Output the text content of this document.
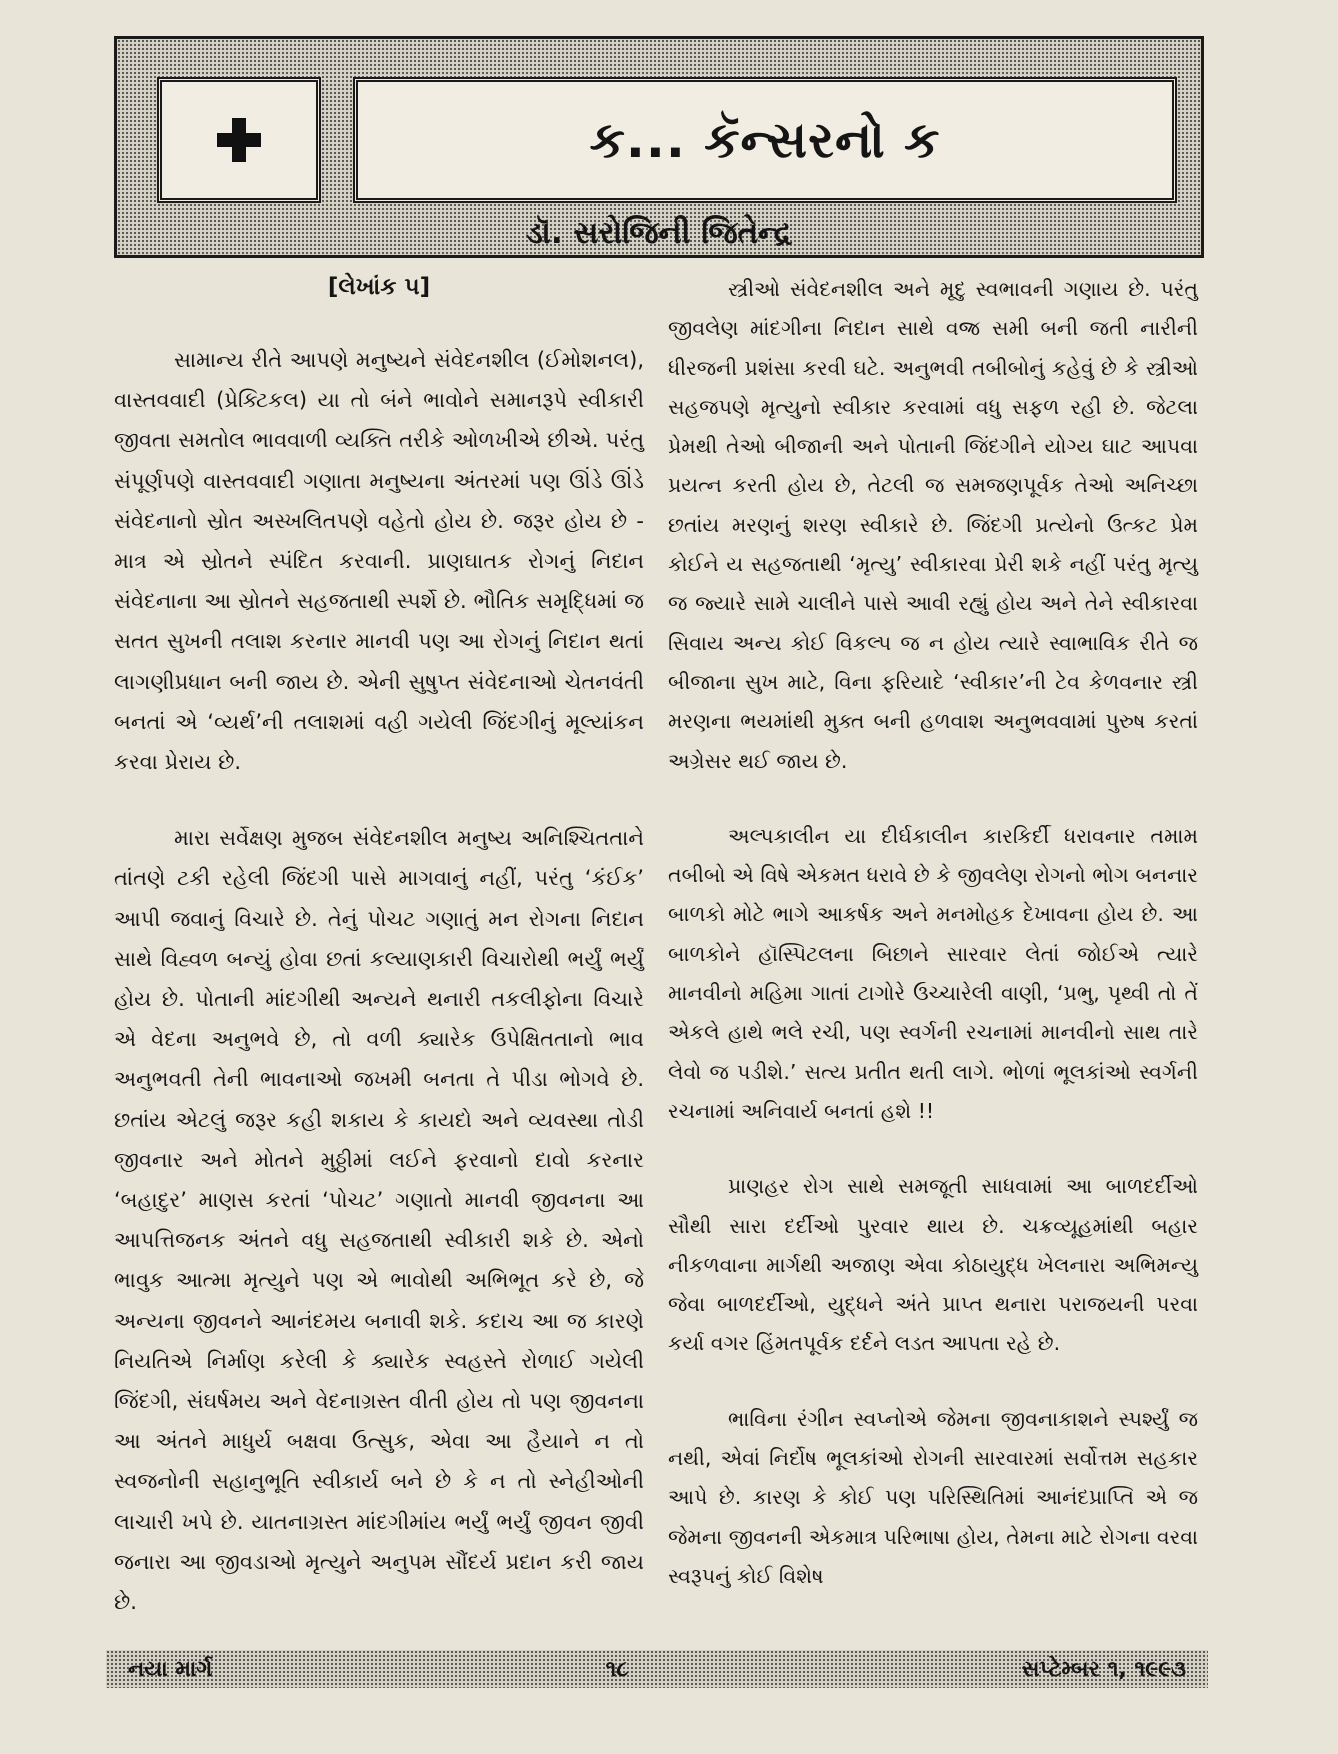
ક... કૅન્સરનો ક
ડૉ. સરોજિની જિતેન્દ્ર

[લેખાંક ૫]

સામાન્ય રીતે આપણે મનુષ્યને સંવેદનશીલ (ઈમોશનલ), વાસ્તવવાદી (પ્રેક્ટિકલ) યા તો બંને ભાવોને સમાનરૂપે સ્વીકારી જીવતા સમતોલ ભાવવાળી વ્યક્તિ તરીકે ઓળખીએ છીએ. પરંતુ સંપૂર્ણપણે વાસ્તવવાદી ગણાતા મનુષ્યના અંતરમાં પણ ઊંડે ઊંડે સંવેદનાનો સ્રોત અસ્ખલિતપણે વહેતો હોય છે. જરૂર હોય છે - માત્ર એ સ્રોતને સ્પંદિત કરવાની. પ્રાણઘાતક રોગનું નિદાન સંવેદનાના આ સ્રોતને સહજતાથી સ્પર્શે છે. ભૌતિક સમૃદ્ધિમાં જ સતત સુખની તલાશ કરનાર માનવી પણ આ રોગનું નિદાન થતાં લાગણીપ્રધાન બની જાય છે. એની સુષુપ્ત સંવેદનાઓ ચેતનવંતી બનતાં એ ‘વ્યર્થ’ની તલાશમાં વહી ગયેલી જિંદગીનું મૂલ્યાંકન કરવા પ્રેરાય છે.

મારા સર્વેક્ષણ મુજબ સંવેદનશીલ મનુષ્ય અનિશ્ચિતતાને તાંતણે ટકી રહેલી જિંદગી પાસે માગવાનું નહીં, પરંતુ ‘કંઈક’ આપી જવાનું વિચારે છે. તેનું પોચટ ગણાતું મન રોગના નિદાન સાથે વિહ્વળ બન્યું હોવા છતાં કલ્યાણકારી વિચારોથી ભર્યું ભર્યું હોય છે. પોતાની માંદગીથી અન્યને થનારી તકલીફોના વિચારે એ વેદના અનુભવે છે, તો વળી ક્યારેક ઉપેક્ષિતતાનો ભાવ અનુભવતી તેની ભાવનાઓ જખમી બનતા તે પીડા ભોગવે છે. છતાંય એટલું જરૂર કહી શકાય કે કાયદો અને વ્યવસ્થા તોડી જીવનાર અને મોતને મુઠ્ઠીમાં લઈને ફરવાનો દાવો કરનાર ‘બહાદુર’ માણસ કરતાં ‘પોચટ’ ગણાતો માનવી જીવનના આ આપત્તિજનક અંતને વધુ સહજતાથી સ્વીકારી શકે છે. એનો ભાવુક આત્મા મૃત્યુને પણ એ ભાવોથી અભિભૂત કરે છે, જે અન્યના જીવનને આનંદમય બનાવી શકે. કદાચ આ જ કારણે નિયતિએ નિર્માણ કરેલી કે ક્યારેક સ્વહસ્તે રોળાઈ ગયેલી જિંદગી, સંઘર્ષમય અને વેદનાગ્રસ્ત વીતી હોય તો પણ જીવનના આ અંતને માધુર્ય બક્ષવા ઉત્સુક, એવા આ હૈયાને ન તો સ્વજનોની સહાનુભૂતિ સ્વીકાર્ય બને છે કે ન તો સ્નેહીઓની લાચારી ખપે છે. યાતનાગ્રસ્ત માંદગીમાંય ભર્યું ભર્યું જીવન જીવી જનારા આ જીવડાઓ મૃત્યુને અનુપમ સૌંદર્ય પ્રદાન કરી જાય છે.

સ્ત્રીઓ સંવેદનશીલ અને મૃદુ સ્વભાવની ગણાય છે. પરંતુ જીવલેણ માંદગીના નિદાન સાથે વજ્ર સમી બની જતી નારીની ધીરજની પ્રશંસા કરવી ઘટે. અનુભવી તબીબોનું કહેવું છે કે સ્ત્રીઓ સહજપણે મૃત્યુનો સ્વીકાર કરવામાં વધુ સફળ રહી છે. જેટલા પ્રેમથી તેઓ બીજાની અને પોતાની જિંદગીને યોગ્ય ઘાટ આપવા પ્રયત્ન કરતી હોય છે, તેટલી જ સમજણપૂર્વક તેઓ અનિચ્છા છતાંય મરણનું શરણ સ્વીકારે છે. જિંદગી પ્રત્યેનો ઉત્કટ પ્રેમ કોઈને ય સહજતાથી ‘મૃત્યુ’ સ્વીકારવા પ્રેરી શકે નહીં પરંતુ મૃત્યુ જ જ્યારે સામે ચાલીને પાસે આવી રહ્યું હોય અને તેને સ્વીકારવા સિવાય અન્ય કોઈ વિકલ્પ જ ન હોય ત્યારે સ્વાભાવિક રીતે જ બીજાના સુખ માટે, વિના ફરિયાદે ‘સ્વીકાર’ની ટેવ કેળવનાર સ્ત્રી મરણના ભયમાંથી મુક્ત બની હળવાશ અનુભવવામાં પુરુષ કરતાં અગ્રેસર થઈ જાય છે.

અલ્પકાલીન યા દીર્ઘકાલીન કારકિર્દી ધરાવનાર તમામ તબીબો એ વિષે એકમત ધરાવે છે કે જીવલેણ રોગનો ભોગ બનનાર બાળકો મોટે ભાગે આકર્ષક અને મનમોહક દેખાવના હોય છે. આ બાળકોને હૉસ્પિટલના બિછાને સારવાર લેતાં જોઈએ ત્યારે માનવીનો મહિમા ગાતાં ટાગોરે ઉચ્ચારેલી વાણી, ‘પ્રભુ, પૃથ્વી તો તેં એકલે હાથે ભલે રચી, પણ સ્વર્ગની રચનામાં માનવીનો સાથ તારે લેવો જ પડીશે.’ સત્ય પ્રતીત થતી લાગે. ભોળાં ભૂલકાંઓ સ્વર્ગની રચનામાં અનિવાર્ય બનતાં હશે !!

પ્રાણહર રોગ સાથે સમજૂતી સાધવામાં આ બાળદર્દીઓ સૌથી સારા દર્દીઓ પુરવાર થાય છે. ચક્રવ્યૂહમાંથી બહાર નીકળવાના માર્ગથી અજાણ એવા કોઠાયુદ્ધ ખેલનારા અભિમન્યુ જેવા બાળદર્દીઓ, યુદ્ધને અંતે પ્રાપ્ત થનારા પરાજયની પરવા કર્યા વગર હિંમતપૂર્વક દર્દને લડત આપતા રહે છે.

ભાવિના રંગીન સ્વપ્નોએ જેમના જીવનાકાશને સ્પર્શ્યું જ નથી, એવાં નિર્દોષ ભૂલકાંઓ રોગની સારવારમાં સર્વોત્તમ સહકાર આપે છે. કારણ કે કોઈ પણ પરિસ્થિતિમાં આનંદપ્રાપ્તિ એ જ જેમના જીવનની એકમાત્ર પરિભાષા હોય, તેમના માટે રોગના વરવા સ્વરૂપનું કોઈ વિશેષ

નયા માર્ગ	૧૮	સપ્ટેમ્બર ૧, ૧૯૯૩
